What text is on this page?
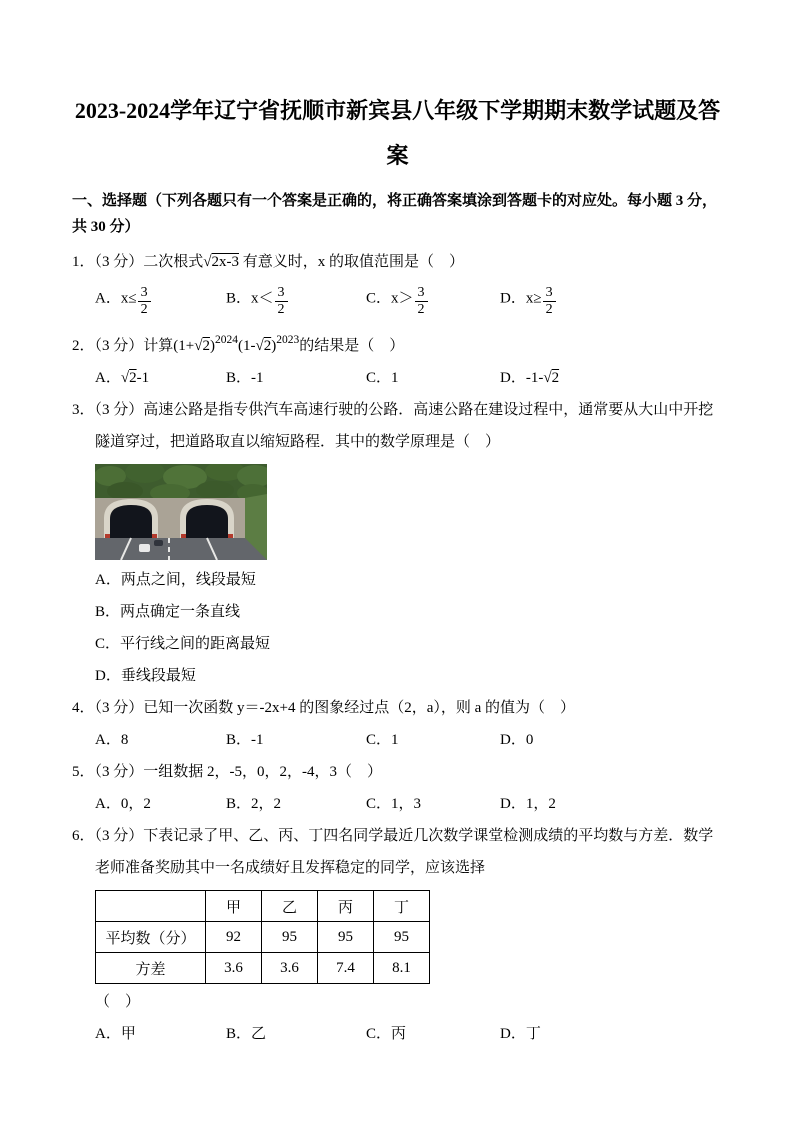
2023-2024学年辽宁省抚顺市新宾县八年级下学期期末数学试题及答案
一、选择题（下列各题只有一个答案是正确的，将正确答案填涂到答题卡的对应处。每小题 3 分，共 30 分）
1．（3 分）二次根式√2x-3 有意义时，x 的取值范围是（　）
A．$x\le \frac{3}{2}$	B．$x< \frac{3}{2}$	C．$x> \frac{3}{2}$	D．$x\ge \frac{3}{2}$
2．（3 分）计算$(1+√2)^{2024}(1-√2)^{2023}$的结果是（　）
A．√2-1	B．-1	C．1	D．-1-√2
3．（3 分）高速公路是指专供汽车高速行驶的公路．高速公路在建设过程中，通常要从大山中开挖隧道穿过，把道路取直以缩短路程．其中的数学原理是（　）
A．两点之间，线段最短
B．两点确定一条直线
C．平行线之间的距离最短
D．垂线段最短
4．（3 分）已知一次函数 y＝-2x+4 的图象经过点（2，a），则 a 的值为（　）
A．8	B．-1	C．1	D．0
5．（3 分）一组数据 2，-5，0，2，-4，3（　）
A．0，2	B．2，2	C．1，3	D．1，2
6．（3 分）下表记录了甲、乙、丙、丁四名同学最近几次数学课堂检测成绩的平均数与方差．数学老师准备奖励其中一名成绩好且发挥稳定的同学，应该选择
	甲	乙	丙	丁
平均数（分）	92	95	95	95
方差	3.6	3.6	7.4	8.1
（　）
A．甲	B．乙	C．丙	D．丁
